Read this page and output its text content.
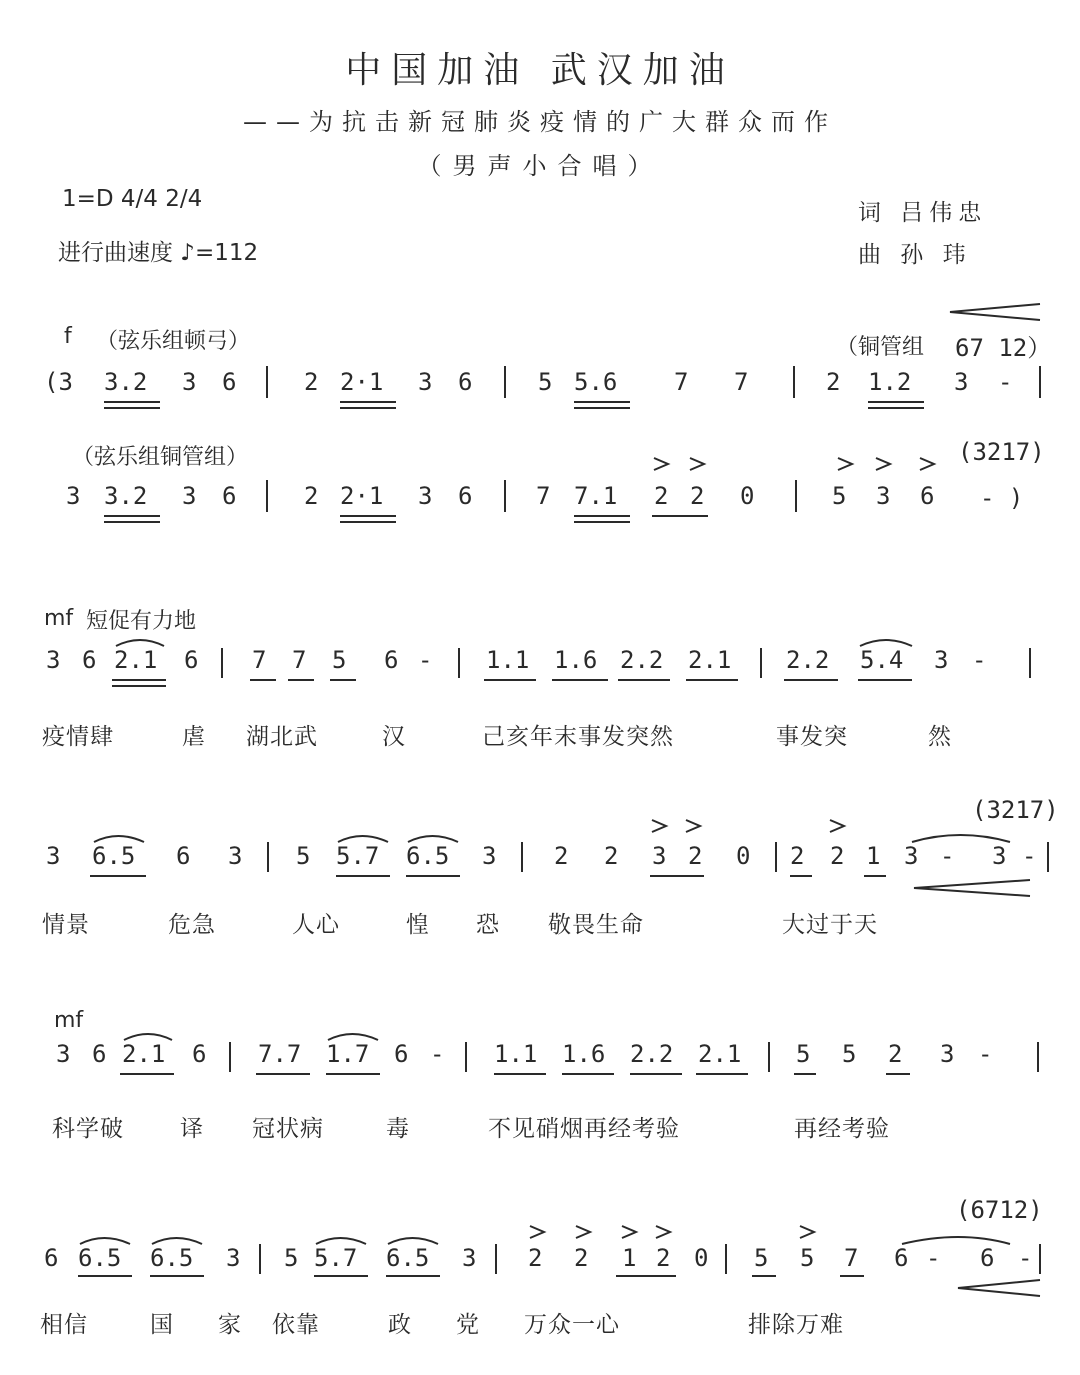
中国加油 武汉加油
——为抗击新冠肺炎疫情的广大群众而作
（男声小合唱）
1=D 4/4 2/4
进行曲速度 ♪=112
词 吕伟忠
曲 孙 玮
f （弦乐组顿弓）	（铜管组 67 12）
(3 3.2 3 6	2 2·1 3 6	5 5.6 7 7	2 1.2 3 -
（弦乐组铜管组）
3 3.2 3 6	2 2·1 3 6	7 7.1 2 2 0	5 3 6
(3217)
- )
mf 短促有力地
3 6 2.1 6 7 7 5 6 - 1.1 1.6 2.2 2.1 2.2 5.4 3 -
疫情肆	虐 湖北武	汉	己亥年末事发突然	事发突	然
(3217)
3 6.5 6 3 5 5.7 6.5 3 2 2 3 2 0 2 2 1 3 - 3 -
情景	危急	人心	惶 恐 敬畏生命	大过于天
mf
3 6 2.1 6 7.7 1.7 6 - 1.1 1.6 2.2 2.1 5 5 2 3 -
科学破 译 冠状病	毒	不见硝烟再经考验	再经考验
(6712)
6 6.5 6.5 3 5 5.7 6.5 3 2 2 1 2 0 5 5 7 6 - 6 -
相信	国 家 依靠	政 党 万众一心	排除万难
